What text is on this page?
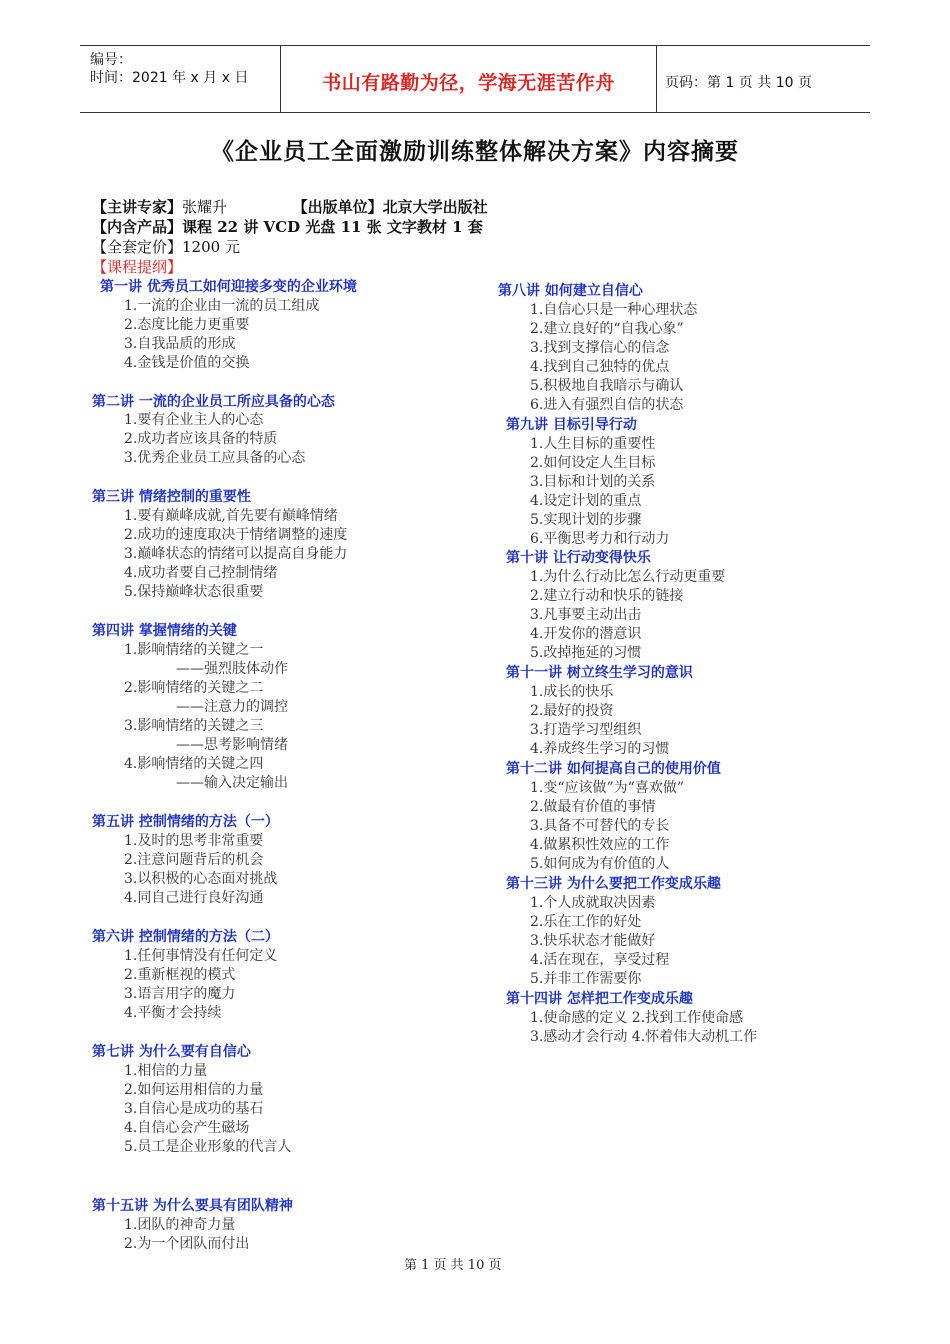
编号：
时间：2021 年 x 月 x 日	书山有路勤为径，学海无涯苦作舟	页码：第 1 页 共 10 页
《企业员工全面激励训练整体解决方案》内容摘要
【主讲专家】张耀升	【出版单位】北京大学出版社
【内含产品】课程 22 讲 VCD 光盘 11 张 文字教材 1 套
【全套定价】1200 元
【课程提纲】
第一讲 优秀员工如何迎接多变的企业环境
1.一流的企业由一流的员工组成
2.态度比能力更重要
3.自我品质的形成
4.金钱是价值的交换
第二讲 一流的企业员工所应具备的心态
1.要有企业主人的心态
2.成功者应该具备的特质
3.优秀企业员工应具备的心态
第三讲 情绪控制的重要性
1.要有巅峰成就,首先要有巅峰情绪
2.成功的速度取决于情绪调整的速度
3.巅峰状态的情绪可以提高自身能力
4.成功者要自己控制情绪
5.保持巅峰状态很重要
第四讲 掌握情绪的关键
1.影响情绪的关键之一
——强烈肢体动作
2.影响情绪的关键之二
——注意力的调控
3.影响情绪的关键之三
——思考影响情绪
4.影响情绪的关键之四
——输入决定输出
第五讲 控制情绪的方法（一）
1.及时的思考非常重要
2.注意问题背后的机会
3.以积极的心态面对挑战
4.同自己进行良好沟通
第六讲 控制情绪的方法（二）
1.任何事情没有任何定义
2.重新框视的模式
3.语言用字的魔力
4.平衡才会持续
第七讲 为什么要有自信心
1.相信的力量
2.如何运用相信的力量
3.自信心是成功的基石
4.自信心会产生磁场
5.员工是企业形象的代言人
第十五讲 为什么要具有团队精神
1.团队的神奇力量
2.为一个团队而付出
第八讲 如何建立自信心
1.自信心只是一种心理状态
2.建立良好的“自我心象”
3.找到支撑信心的信念
4.找到自己独特的优点
5.积极地自我暗示与确认
6.进入有强烈自信的状态
第九讲 目标引导行动
1.人生目标的重要性
2.如何设定人生目标
3.目标和计划的关系
4.设定计划的重点
5.实现计划的步骤
6.平衡思考力和行动力
第十讲 让行动变得快乐
1.为什么行动比怎么行动更重要
2.建立行动和快乐的链接
3.凡事要主动出击
4.开发你的潜意识
5.改掉拖延的习惯
第十一讲 树立终生学习的意识
1.成长的快乐
2.最好的投资
3.打造学习型组织
4.养成终生学习的习惯
第十二讲 如何提高自己的使用价值
1.变“应该做”为“喜欢做”
2.做最有价值的事情
3.具备不可替代的专长
4.做累积性效应的工作
5.如何成为有价值的人
第十三讲 为什么要把工作变成乐趣
1.个人成就取决因素
2.乐在工作的好处
3.快乐状态才能做好
4.活在现在，享受过程
5.并非工作需要你
第十四讲 怎样把工作变成乐趣
1.使命感的定义 2.找到工作使命感
3.感动才会行动 4.怀着伟大动机工作
第 1 页 共 10 页
